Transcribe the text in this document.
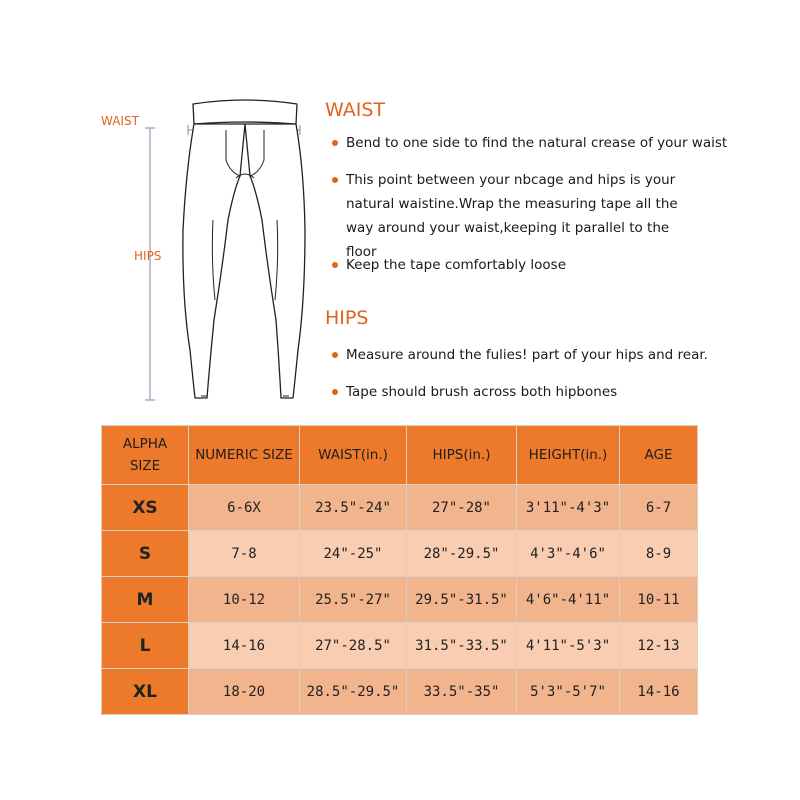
WAIST
HIPS
WAIST
Bend to one side to find the natural crease of your waist
This point between your nbcage and hips is your natural waistine.Wrap the measuring tape all the way around your waist,keeping it parallel to the floor
Keep the tape comfortably loose
HIPS
Measure around the fulies! part of your hips and rear.
Tape should brush across both hipbones
ALPHA SIZE	NUMERIC SIZE	WAIST(in.)	HIPS(in.)	HEIGHT(in.)	AGE
XS	6-6X	23.5"-24"	27"-28"	3'11"-4'3"	6-7
S	7-8	24"-25"	28"-29.5"	4'3"-4'6"	8-9
M	10-12	25.5"-27"	29.5"-31.5"	4'6"-4'11"	10-11
L	14-16	27"-28.5"	31.5"-33.5"	4'11"-5'3"	12-13
XL	18-20	28.5"-29.5"	33.5"-35"	5'3"-5'7"	14-16
